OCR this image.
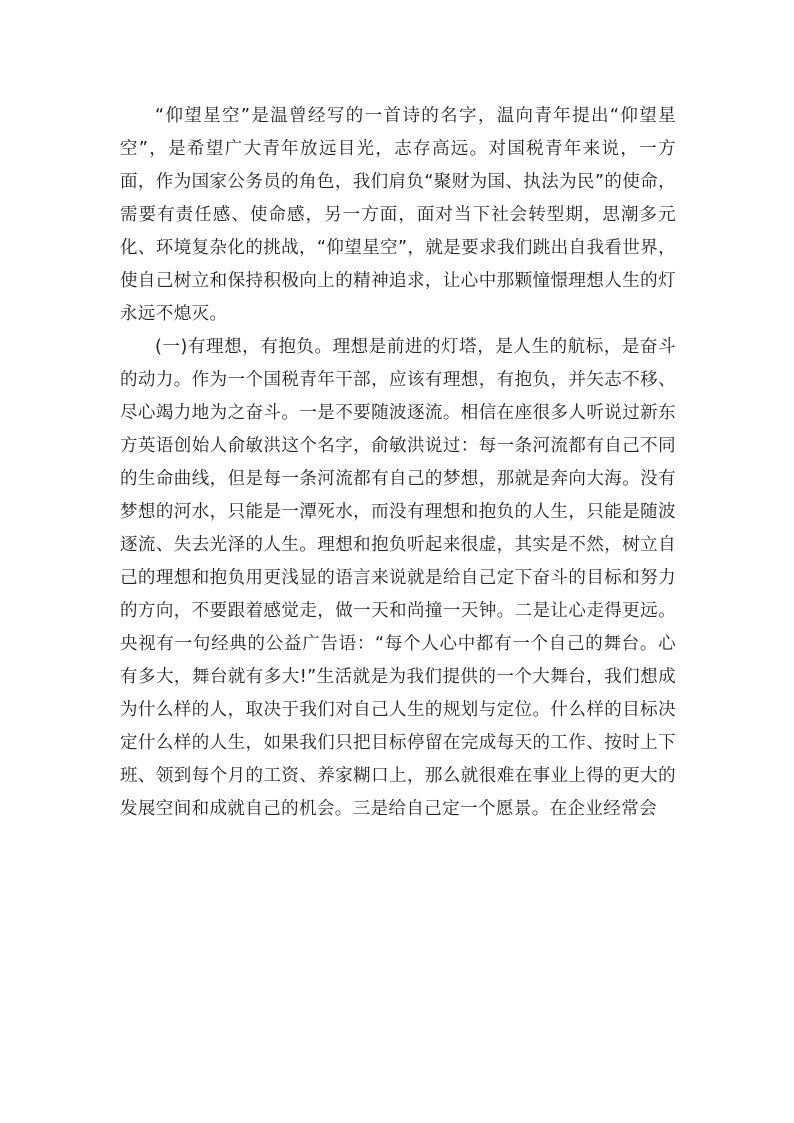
“仰望星空”是温曾经写的一首诗的名字，温向青年提出“仰望星空”，是希望广大青年放远目光，志存高远。对国税青年来说，一方面，作为国家公务员的角色，我们肩负“聚财为国、执法为民”的使命，需要有责任感、使命感，另一方面，面对当下社会转型期，思潮多元化、环境复杂化的挑战，“仰望星空”，就是要求我们跳出自我看世界，使自己树立和保持积极向上的精神追求，让心中那颗憧憬理想人生的灯永远不熄灭。

(一)有理想，有抱负。理想是前进的灯塔，是人生的航标，是奋斗的动力。作为一个国税青年干部，应该有理想，有抱负，并矢志不移、尽心竭力地为之奋斗。一是不要随波逐流。相信在座很多人听说过新东方英语创始人俞敏洪这个名字，俞敏洪说过：每一条河流都有自己不同的生命曲线，但是每一条河流都有自己的梦想，那就是奔向大海。没有梦想的河水，只能是一潭死水，而没有理想和抱负的人生，只能是随波逐流、失去光泽的人生。理想和抱负听起来很虚，其实是不然，树立自己的理想和抱负用更浅显的语言来说就是给自己定下奋斗的目标和努力的方向，不要跟着感觉走，做一天和尚撞一天钟。二是让心走得更远。央视有一句经典的公益广告语：“每个人心中都有一个自己的舞台。心有多大，舞台就有多大!”生活就是为我们提供的一个大舞台，我们想成为什么样的人，取决于我们对自己人生的规划与定位。什么样的目标决定什么样的人生，如果我们只把目标停留在完成每天的工作、按时上下班、领到每个月的工资、养家糊口上，那么就很难在事业上得的更大的发展空间和成就自己的机会。三是给自己定一个愿景。在企业经常会
